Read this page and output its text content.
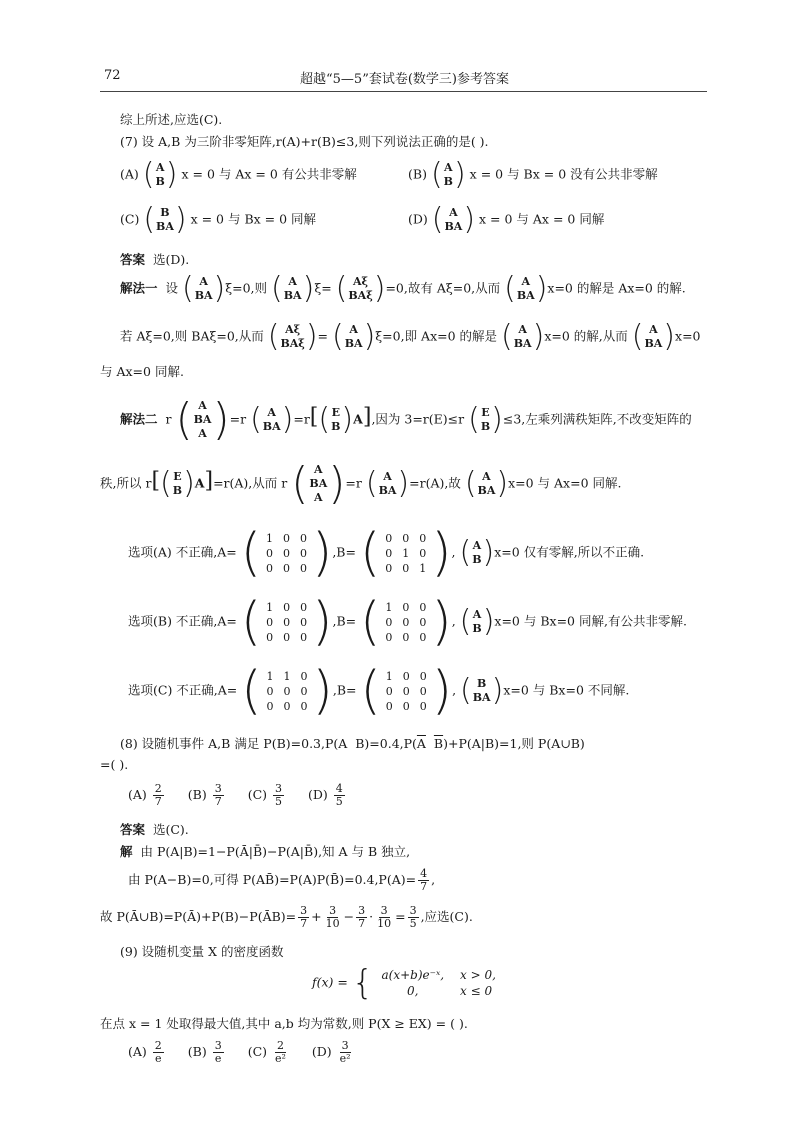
72	超越“5—5”套试卷(数学三)参考答案
综上所述,应选(C).
(7) 设 A,B 为三阶非零矩阵,r(A)+r(B)≤3,则下列说法正确的是( ).
(A) ( A
B ) x = 0 与 Ax = 0 有公共非零解	(B) ( A
B ) x = 0 与 Bx = 0 没有公共非零解
(C) ( B
BA ) x = 0 与 Bx = 0 同解	(D) ( A
BA ) x = 0 与 Ax = 0 同解
答案 选(D).
解法一 设 ( A
BA ) ξ=0,则 ( A
BA ) ξ= ( Aξ
BAξ ) =0,故有 Aξ=0,从而 ( A
BA ) x=0 的解是 Ax=0 的解.
若 Aξ=0,则 BAξ=0,从而 ( Aξ
BAξ ) = ( A
BA ) ξ=0,即 Ax=0 的解是 ( A
BA ) x=0 的解,从而 ( A
BA ) x=0
与 Ax=0 同解.
解法二 r ( A
BA
A ) =r ( A
BA ) =r[ ( E
B ) A],因为 3=r(E)≤r ( E
B ) ≤3,左乘列满秩矩阵,不改变矩阵的
秩,所以 r[ ( E
B ) A]=r(A),从而 r ( A
BA
A ) =r ( A
BA ) =r(A),故 ( A
BA ) x=0 与 Ax=0 同解.
选项(A) 不正确,A= ( 1	0	0
0	0	0
0	0	0 ) ,B= ( 0	0	0
0	1	0
0	0	1 ) , ( A
B ) x=0 仅有零解,所以不正确.
选项(B) 不正确,A= ( 1	0	0
0	0	0
0	0	0 ) ,B= ( 1	0	0
0	0	0
0	0	0 ) , ( A
B ) x=0 与 Bx=0 同解,有公共非零解.
选项(C) 不正确,A= ( 1	1	0
0	0	0
0	0	0 ) ,B= ( 1	0	0
0	0	0
0	0	0 ) , ( B
BA ) x=0 与 Bx=0 不同解.
(8) 设随机事件 A,B 满足 P(B)=0.3,P(A $B)=0.4,P(\overline{A}$ $\overline{B})+P(A|B)=1$,则 P(A∪B)
=( ).
$(A) \frac{2}{7} (B) \frac{3}{7} (C) \frac{3}{5} (D) \frac{4}{5}$
答案 选(C).
解 由 P(A|B)=1−P(Ā|B̄)−P(A|B̄),知 A 与 B 独立,
由 P(A−B)=0,可得 P(AB̄)=P(A)P(B̄)=0.4,P(A)= $\frac{4}{7}$ ,
故 P(Ā∪B)=P(Ā)+P(B)−P(ĀB)= $\frac{3}{7} + \frac{3}{10} - \frac{3}{7} \cdot \frac{3}{10} = \frac{3}{5}$ ,应选(C).
(9) 设随机变量 X 的密度函数
f(x) = { a(x+b)e⁻ˣ,	x > 0,
0,	x ≤ 0
在点 x = 1 处取得最大值,其中 a,b 均为常数,则 P(X ≥ EX) = ( ).
$(A) \frac{2}{e} (B) \frac{3}{e} (C) \frac{2}{\text{e²}} (D) \frac{3}{\text{e²}}$
